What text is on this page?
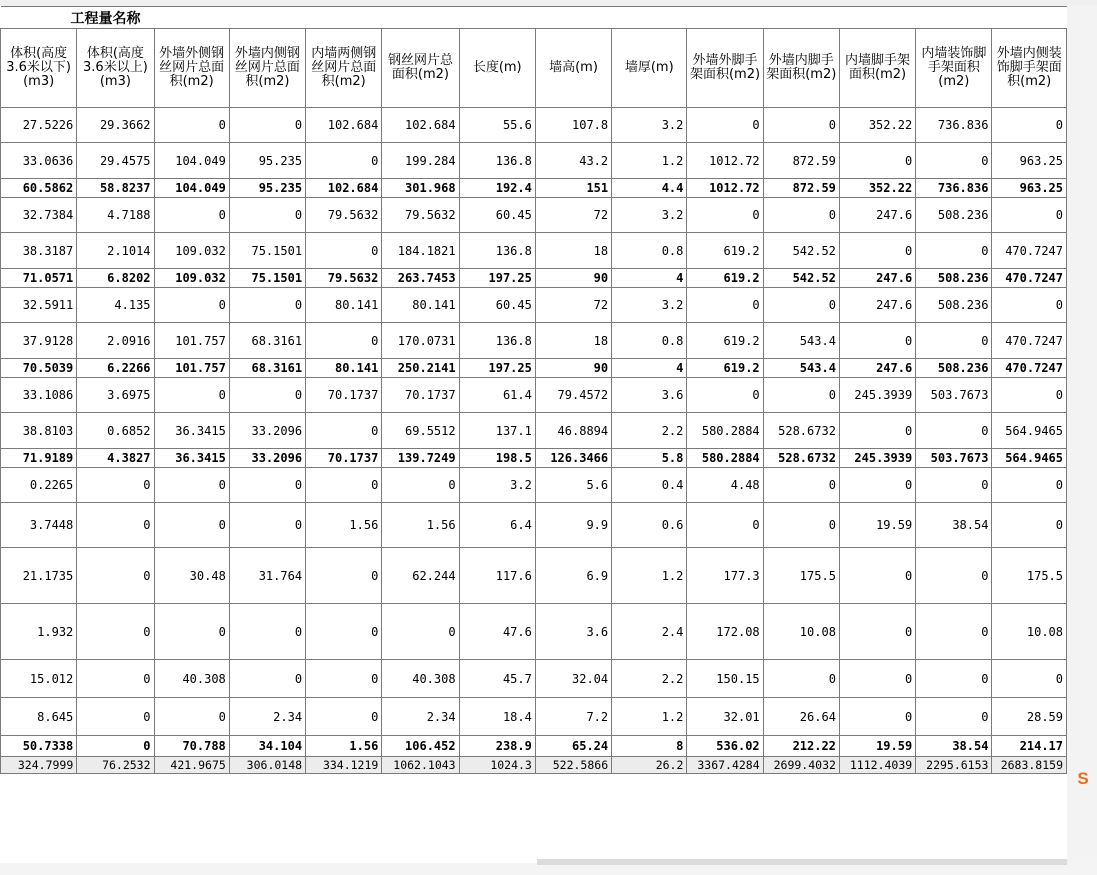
工程量名称													
体积(高度3.6米以下)(m3)	体积(高度3.6米以上)(m3)	外墙外侧钢丝网片总面积(m2)	外墙内侧钢丝网片总面积(m2)	内墙两侧钢丝网片总面积(m2)	钢丝网片总面积(m2)	长度(m)	墙高(m)	墙厚(m)	外墙外脚手架面积(m2)	外墙内脚手架面积(m2)	内墙脚手架面积(m2)	内墙装饰脚手架面积(m2)	外墙内侧装饰脚手架面积(m2)
27.5226	29.3662	0	0	102.684	102.684	55.6	107.8	3.2	0	0	352.22	736.836	0
33.0636	29.4575	104.049	95.235	0	199.284	136.8	43.2	1.2	1012.72	872.59	0	0	963.25
60.5862	58.8237	104.049	95.235	102.684	301.968	192.4	151	4.4	1012.72	872.59	352.22	736.836	963.25
32.7384	4.7188	0	0	79.5632	79.5632	60.45	72	3.2	0	0	247.6	508.236	0
38.3187	2.1014	109.032	75.1501	0	184.1821	136.8	18	0.8	619.2	542.52	0	0	470.7247
71.0571	6.8202	109.032	75.1501	79.5632	263.7453	197.25	90	4	619.2	542.52	247.6	508.236	470.7247
32.5911	4.135	0	0	80.141	80.141	60.45	72	3.2	0	0	247.6	508.236	0
37.9128	2.0916	101.757	68.3161	0	170.0731	136.8	18	0.8	619.2	543.4	0	0	470.7247
70.5039	6.2266	101.757	68.3161	80.141	250.2141	197.25	90	4	619.2	543.4	247.6	508.236	470.7247
33.1086	3.6975	0	0	70.1737	70.1737	61.4	79.4572	3.6	0	0	245.3939	503.7673	0
38.8103	0.6852	36.3415	33.2096	0	69.5512	137.1	46.8894	2.2	580.2884	528.6732	0	0	564.9465
71.9189	4.3827	36.3415	33.2096	70.1737	139.7249	198.5	126.3466	5.8	580.2884	528.6732	245.3939	503.7673	564.9465
0.2265	0	0	0	0	0	3.2	5.6	0.4	4.48	0	0	0	0
3.7448	0	0	0	1.56	1.56	6.4	9.9	0.6	0	0	19.59	38.54	0
21.1735	0	30.48	31.764	0	62.244	117.6	6.9	1.2	177.3	175.5	0	0	175.5
1.932	0	0	0	0	0	47.6	3.6	2.4	172.08	10.08	0	0	10.08
15.012	0	40.308	0	0	40.308	45.7	32.04	2.2	150.15	0	0	0	0
8.645	0	0	2.34	0	2.34	18.4	7.2	1.2	32.01	26.64	0	0	28.59
50.7338	0	70.788	34.104	1.56	106.452	238.9	65.24	8	536.02	212.22	19.59	38.54	214.17
324.7999	76.2532	421.9675	306.0148	334.1219	1062.1043	1024.3	522.5866	26.2	3367.4284	2699.4032	1112.4039	2295.6153	2683.8159
S
